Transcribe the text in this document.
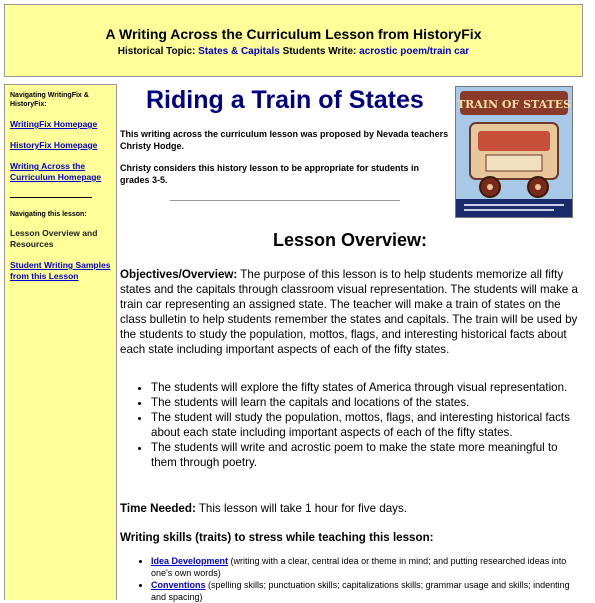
A Writing Across the Curriculum Lesson from HistoryFix
Historical Topic: States & Capitals Students Write: acrostic poem/train car
Navigating WritingFix & HistoryFix:
WritingFix Homepage
HistoryFix Homepage
Writing Across the Curriculum Homepage
Navigating this lesson:
Lesson Overview and Resources
Student Writing Samples from this Lesson
Riding a Train of States

This writing across the curriculum lesson was proposed by Nevada teachers Christy Hodge.

Christy considers this history lesson to be appropriate for students in grades 3-5.

TRAIN OF STATES
Lesson Overview:
Objectives/Overview: The purpose of this lesson is to help students memorize all fifty states and the capitals through classroom visual representation. The students will make a train car representing an assigned state. The teacher will make a train of states on the class bulletin to help students remember the states and capitals. The train will be used by the students to study the population, mottos, flags, and interesting historical facts about each state including important aspects of each of the fifty states.
• The students will explore the fifty states of America through visual representation.
• The students will learn the capitals and locations of the states.
• The student will study the population, mottos, flags, and interesting historical facts about each state including important aspects of each of the fifty states.
• The students will write and acrostic poem to make the state more meaningful to them through poetry.
Time Needed: This lesson will take 1 hour for five days.
Writing skills (traits) to stress while teaching this lesson:
• Idea Development (writing with a clear, central idea or theme in mind; and putting researched ideas into one's own words)
• Conventions (spelling skills; punctuation skills; capitalizations skills; grammar usage and skills; indenting and spacing)
